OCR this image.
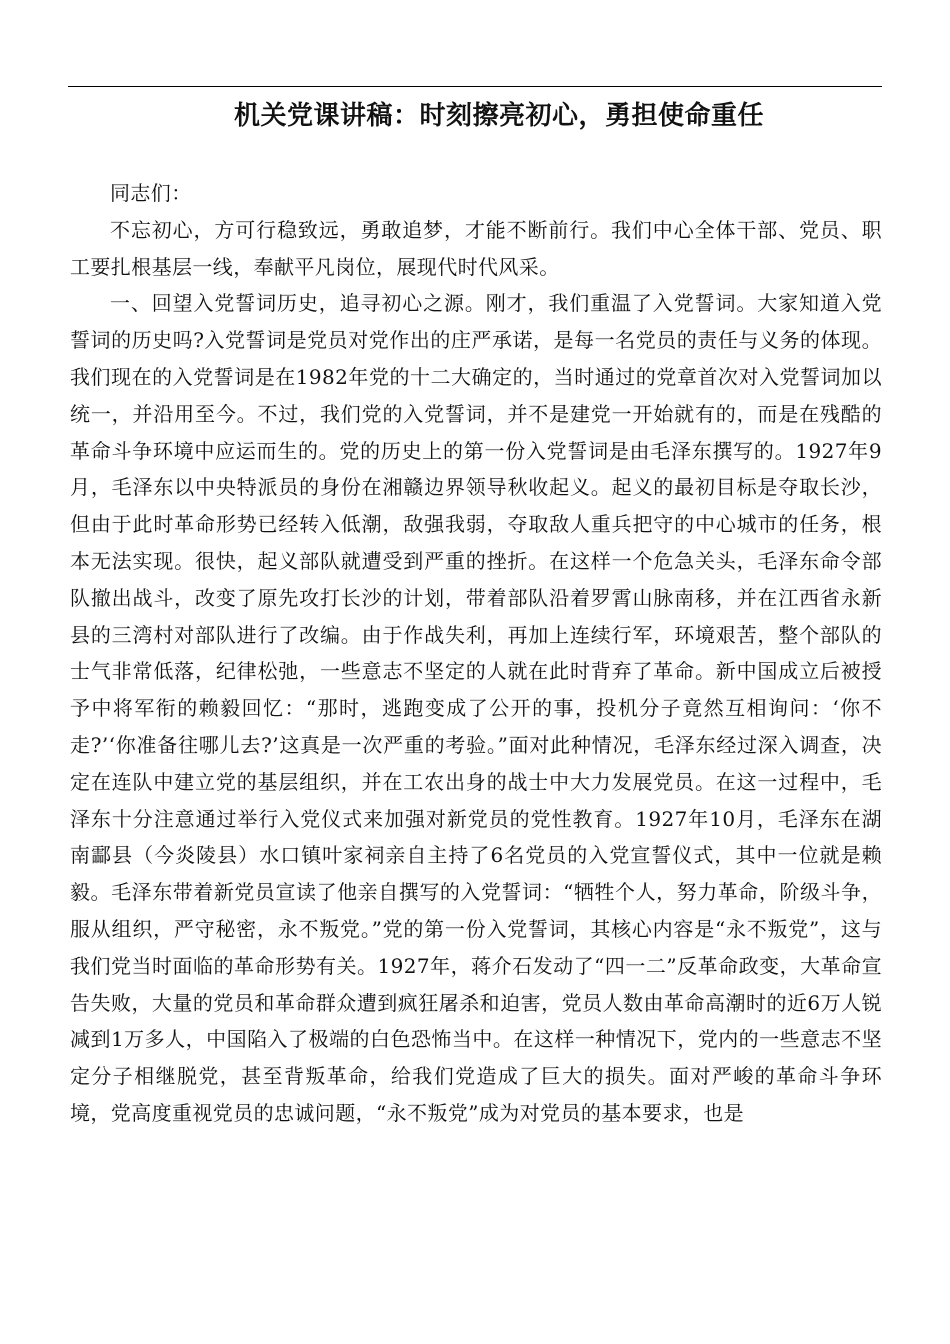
机关党课讲稿：时刻擦亮初心，勇担使命重任

同志们：

不忘初心，方可行稳致远，勇敢追梦，才能不断前行。我们中心全体干部、党员、职工要扎根基层一线，奉献平凡岗位，展现代时代风采。

一、回望入党誓词历史，追寻初心之源。刚才，我们重温了入党誓词。大家知道入党誓词的历史吗?入党誓词是党员对党作出的庄严承诺，是每一名党员的责任与义务的体现。我们现在的入党誓词是在1982年党的十二大确定的，当时通过的党章首次对入党誓词加以统一，并沿用至今。不过，我们党的入党誓词，并不是建党一开始就有的，而是在残酷的革命斗争环境中应运而生的。党的历史上的第一份入党誓词是由毛泽东撰写的。1927年9月，毛泽东以中央特派员的身份在湘赣边界领导秋收起义。起义的最初目标是夺取长沙，但由于此时革命形势已经转入低潮，敌强我弱，夺取敌人重兵把守的中心城市的任务，根本无法实现。很快，起义部队就遭受到严重的挫折。在这样一个危急关头，毛泽东命令部队撤出战斗，改变了原先攻打长沙的计划，带着部队沿着罗霄山脉南移，并在江西省永新县的三湾村对部队进行了改编。由于作战失利，再加上连续行军，环境艰苦，整个部队的士气非常低落，纪律松弛，一些意志不坚定的人就在此时背弃了革命。新中国成立后被授予中将军衔的赖毅回忆：“那时，逃跑变成了公开的事，投机分子竟然互相询问：‘你不走?’‘你准备往哪儿去?’这真是一次严重的考验。”面对此种情况，毛泽东经过深入调查，决定在连队中建立党的基层组织，并在工农出身的战士中大力发展党员。在这一过程中，毛泽东十分注意通过举行入党仪式来加强对新党员的党性教育。1927年10月，毛泽东在湖南酃县（今炎陵县）水口镇叶家祠亲自主持了6名党员的入党宣誓仪式，其中一位就是赖毅。毛泽东带着新党员宣读了他亲自撰写的入党誓词：“牺牲个人，努力革命，阶级斗争，服从组织，严守秘密，永不叛党。”党的第一份入党誓词，其核心内容是“永不叛党”，这与我们党当时面临的革命形势有关。1927年，蒋介石发动了“四一二”反革命政变，大革命宣告失败，大量的党员和革命群众遭到疯狂屠杀和迫害，党员人数由革命高潮时的近6万人锐减到1万多人，中国陷入了极端的白色恐怖当中。在这样一种情况下，党内的一些意志不坚定分子相继脱党，甚至背叛革命，给我们党造成了巨大的损失。面对严峻的革命斗争环境，党高度重视党员的忠诚问题，“永不叛党”成为对党员的基本要求，也是
